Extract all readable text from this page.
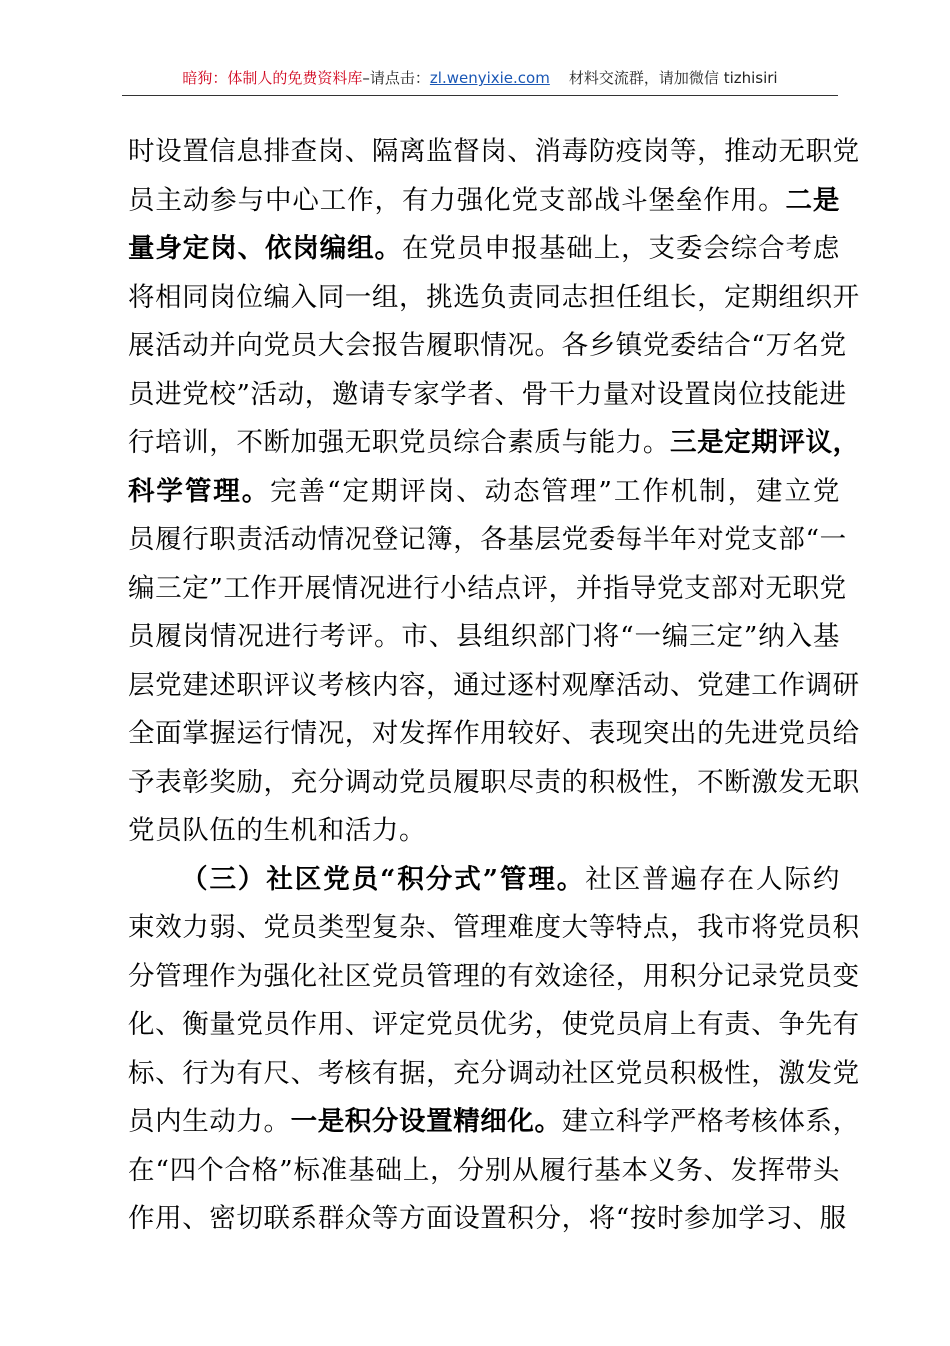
暗狗：体制人的免费资料库–请点击：zl.wenyixie.com 材料交流群，请加微信 tizhisiri
时设置信息排查岗、隔离监督岗、消毒防疫岗等，推动无职党
员主动参与中心工作，有力强化党支部战斗堡垒作用。二是
量身定岗、依岗编组。在党员申报基础上，支委会综合考虑
将相同岗位编入同一组，挑选负责同志担任组长，定期组织开
展活动并向党员大会报告履职情况。各乡镇党委结合“万名党
员进党校”活动，邀请专家学者、骨干力量对设置岗位技能进
行培训，不断加强无职党员综合素质与能力。三是定期评议，
科学管理。完善“定期评岗、动态管理”工作机制，建立党
员履行职责活动情况登记簿，各基层党委每半年对党支部“一
编三定”工作开展情况进行小结点评，并指导党支部对无职党
员履岗情况进行考评。市、县组织部门将“一编三定”纳入基
层党建述职评议考核内容，通过逐村观摩活动、党建工作调研
全面掌握运行情况，对发挥作用较好、表现突出的先进党员给
予表彰奖励，充分调动党员履职尽责的积极性，不断激发无职
党员队伍的生机和活力。
（三）社区党员“积分式”管理。社区普遍存在人际约
束效力弱、党员类型复杂、管理难度大等特点，我市将党员积
分管理作为强化社区党员管理的有效途径，用积分记录党员变
化、衡量党员作用、评定党员优劣，使党员肩上有责、争先有
标、行为有尺、考核有据，充分调动社区党员积极性，激发党
员内生动力。一是积分设置精细化。建立科学严格考核体系，
在“四个合格”标准基础上，分别从履行基本义务、发挥带头
作用、密切联系群众等方面设置积分，将“按时参加学习、服
